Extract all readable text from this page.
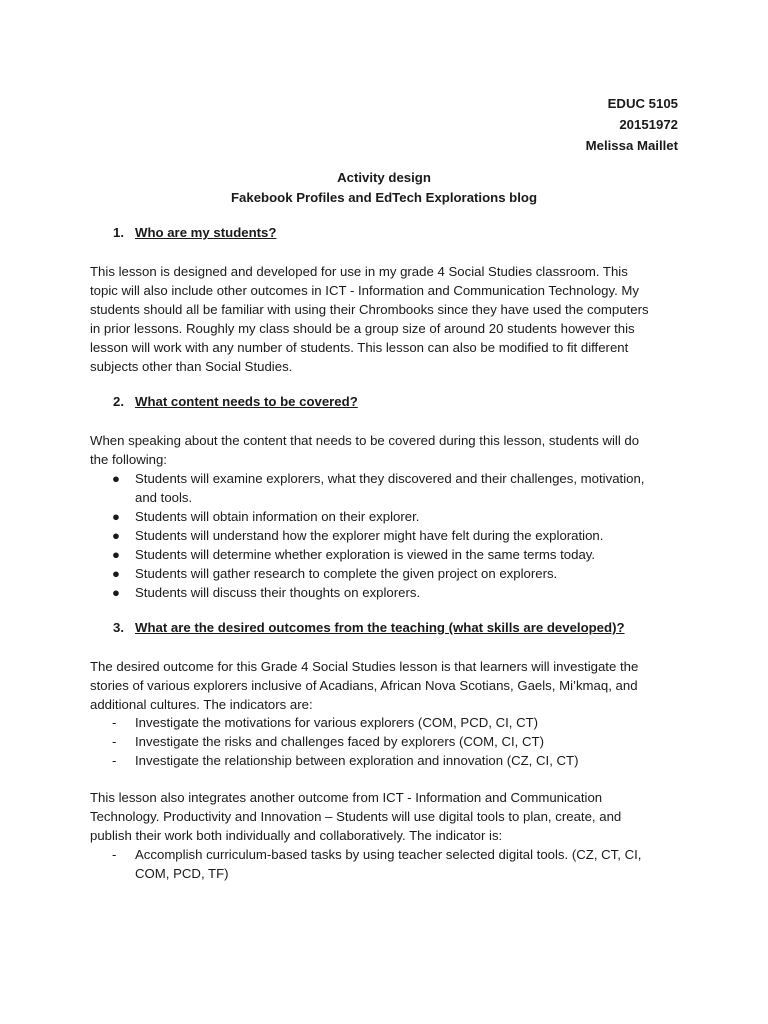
EDUC 5105
20151972
Melissa Maillet
Activity design
Fakebook Profiles and EdTech Explorations blog
1. Who are my students?

This lesson is designed and developed for use in my grade 4 Social Studies classroom. This
topic will also include other outcomes in ICT - Information and Communication Technology. My
students should all be familiar with using their Chrombooks since they have used the computers
in prior lessons. Roughly my class should be a group size of around 20 students however this
lesson will work with any number of students. This lesson can also be modified to fit different
subjects other than Social Studies.

2. What content needs to be covered?

When speaking about the content that needs to be covered during this lesson, students will do
the following:

● Students will examine explorers, what they discovered and their challenges, motivation,
and tools.
● Students will obtain information on their explorer.
● Students will understand how the explorer might have felt during the exploration.
● Students will determine whether exploration is viewed in the same terms today.
● Students will gather research to complete the given project on explorers.
● Students will discuss their thoughts on explorers.
3. What are the desired outcomes from the teaching (what skills are developed)?

The desired outcome for this Grade 4 Social Studies lesson is that learners will investigate the
stories of various explorers inclusive of Acadians, African Nova Scotians, Gaels, Mi’kmaq, and
additional cultures. The indicators are:

- Investigate the motivations for various explorers (COM, PCD, CI, CT)
- Investigate the risks and challenges faced by explorers (COM, CI, CT)
- Investigate the relationship between exploration and innovation (CZ, CI, CT)

This lesson also integrates another outcome from ICT - Information and Communication
Technology. Productivity and Innovation – Students will use digital tools to plan, create, and
publish their work both individually and collaboratively. The indicator is:

- Accomplish curriculum-based tasks by using teacher selected digital tools. (CZ, CT, CI,
COM, PCD, TF)
